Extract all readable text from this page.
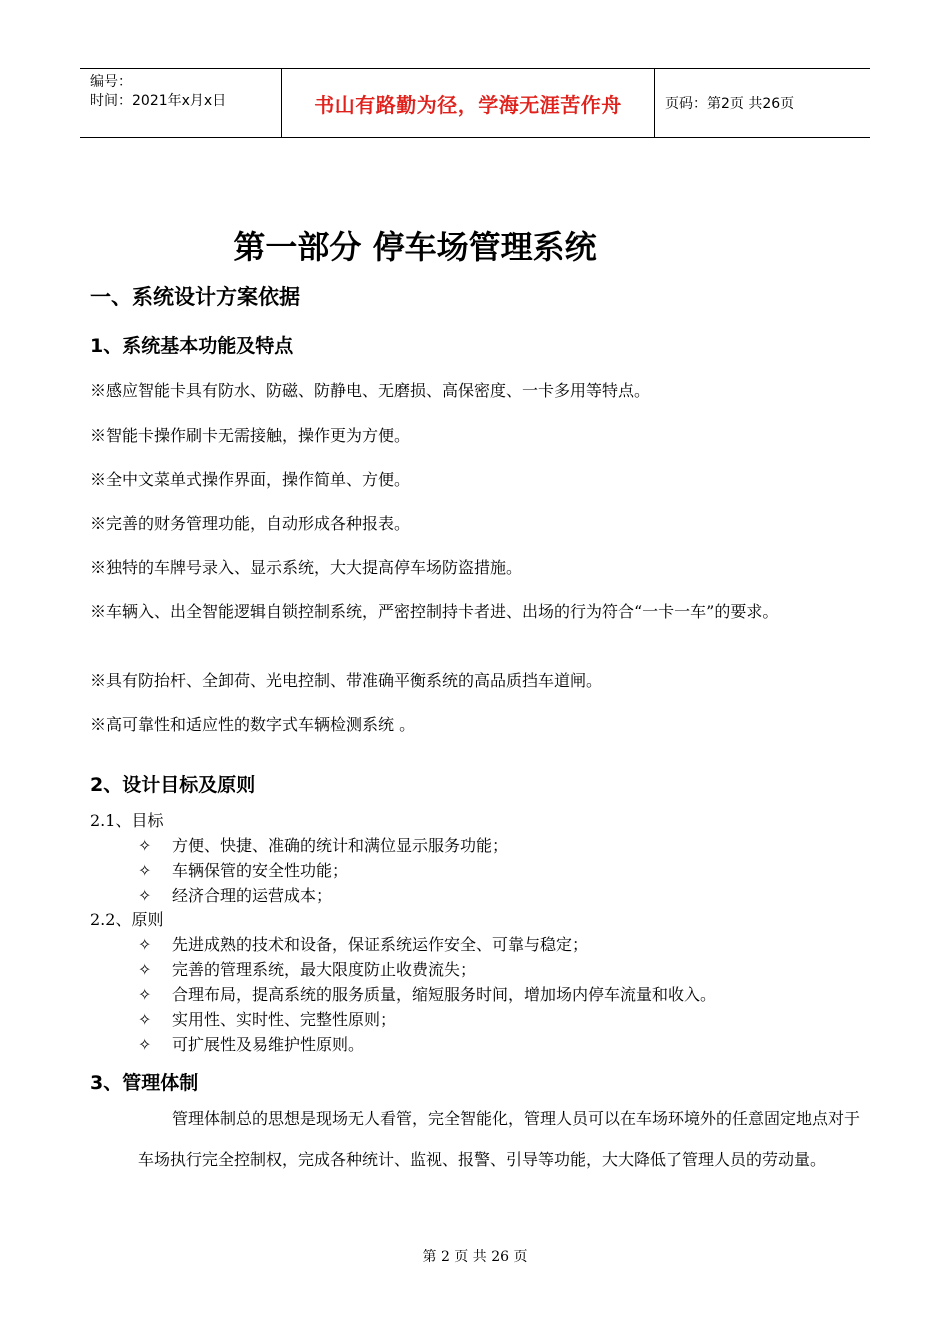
编号：
时间：2021年x月x日	书山有路勤为径，学海无涯苦作舟	页码：第2页 共26页
第一部分 停车场管理系统
一、系统设计方案依据
1、系统基本功能及特点
※感应智能卡具有防水、防磁、防静电、无磨损、高保密度、一卡多用等特点。
※智能卡操作刷卡无需接触，操作更为方便。
※全中文菜单式操作界面，操作简单、方便。
※完善的财务管理功能，自动形成各种报表。
※独特的车牌号录入、显示系统，大大提高停车场防盗措施。
※车辆入、出全智能逻辑自锁控制系统，严密控制持卡者进、出场的行为符合“一卡一车”的要求。
※具有防抬杆、全卸荷、光电控制、带准确平衡系统的高品质挡车道闸。
※高可靠性和适应性的数字式车辆检测系统 。
2、设计目标及原则
2.1、目标
✧ 方便、快捷、准确的统计和满位显示服务功能；
✧ 车辆保管的安全性功能；
✧ 经济合理的运营成本；
2.2、原则
✧ 先进成熟的技术和设备，保证系统运作安全、可靠与稳定；
✧ 完善的管理系统，最大限度防止收费流失；
✧ 合理布局，提高系统的服务质量，缩短服务时间，增加场内停车流量和收入。
✧ 实用性、实时性、完整性原则；
✧ 可扩展性及易维护性原则。
3、管理体制
管理体制总的思想是现场无人看管，完全智能化，管理人员可以在车场环境外的任意固定地点对于车场执行完全控制权，完成各种统计、监视、报警、引导等功能，大大降低了管理人员的劳动量。
第 2 页 共 26 页
